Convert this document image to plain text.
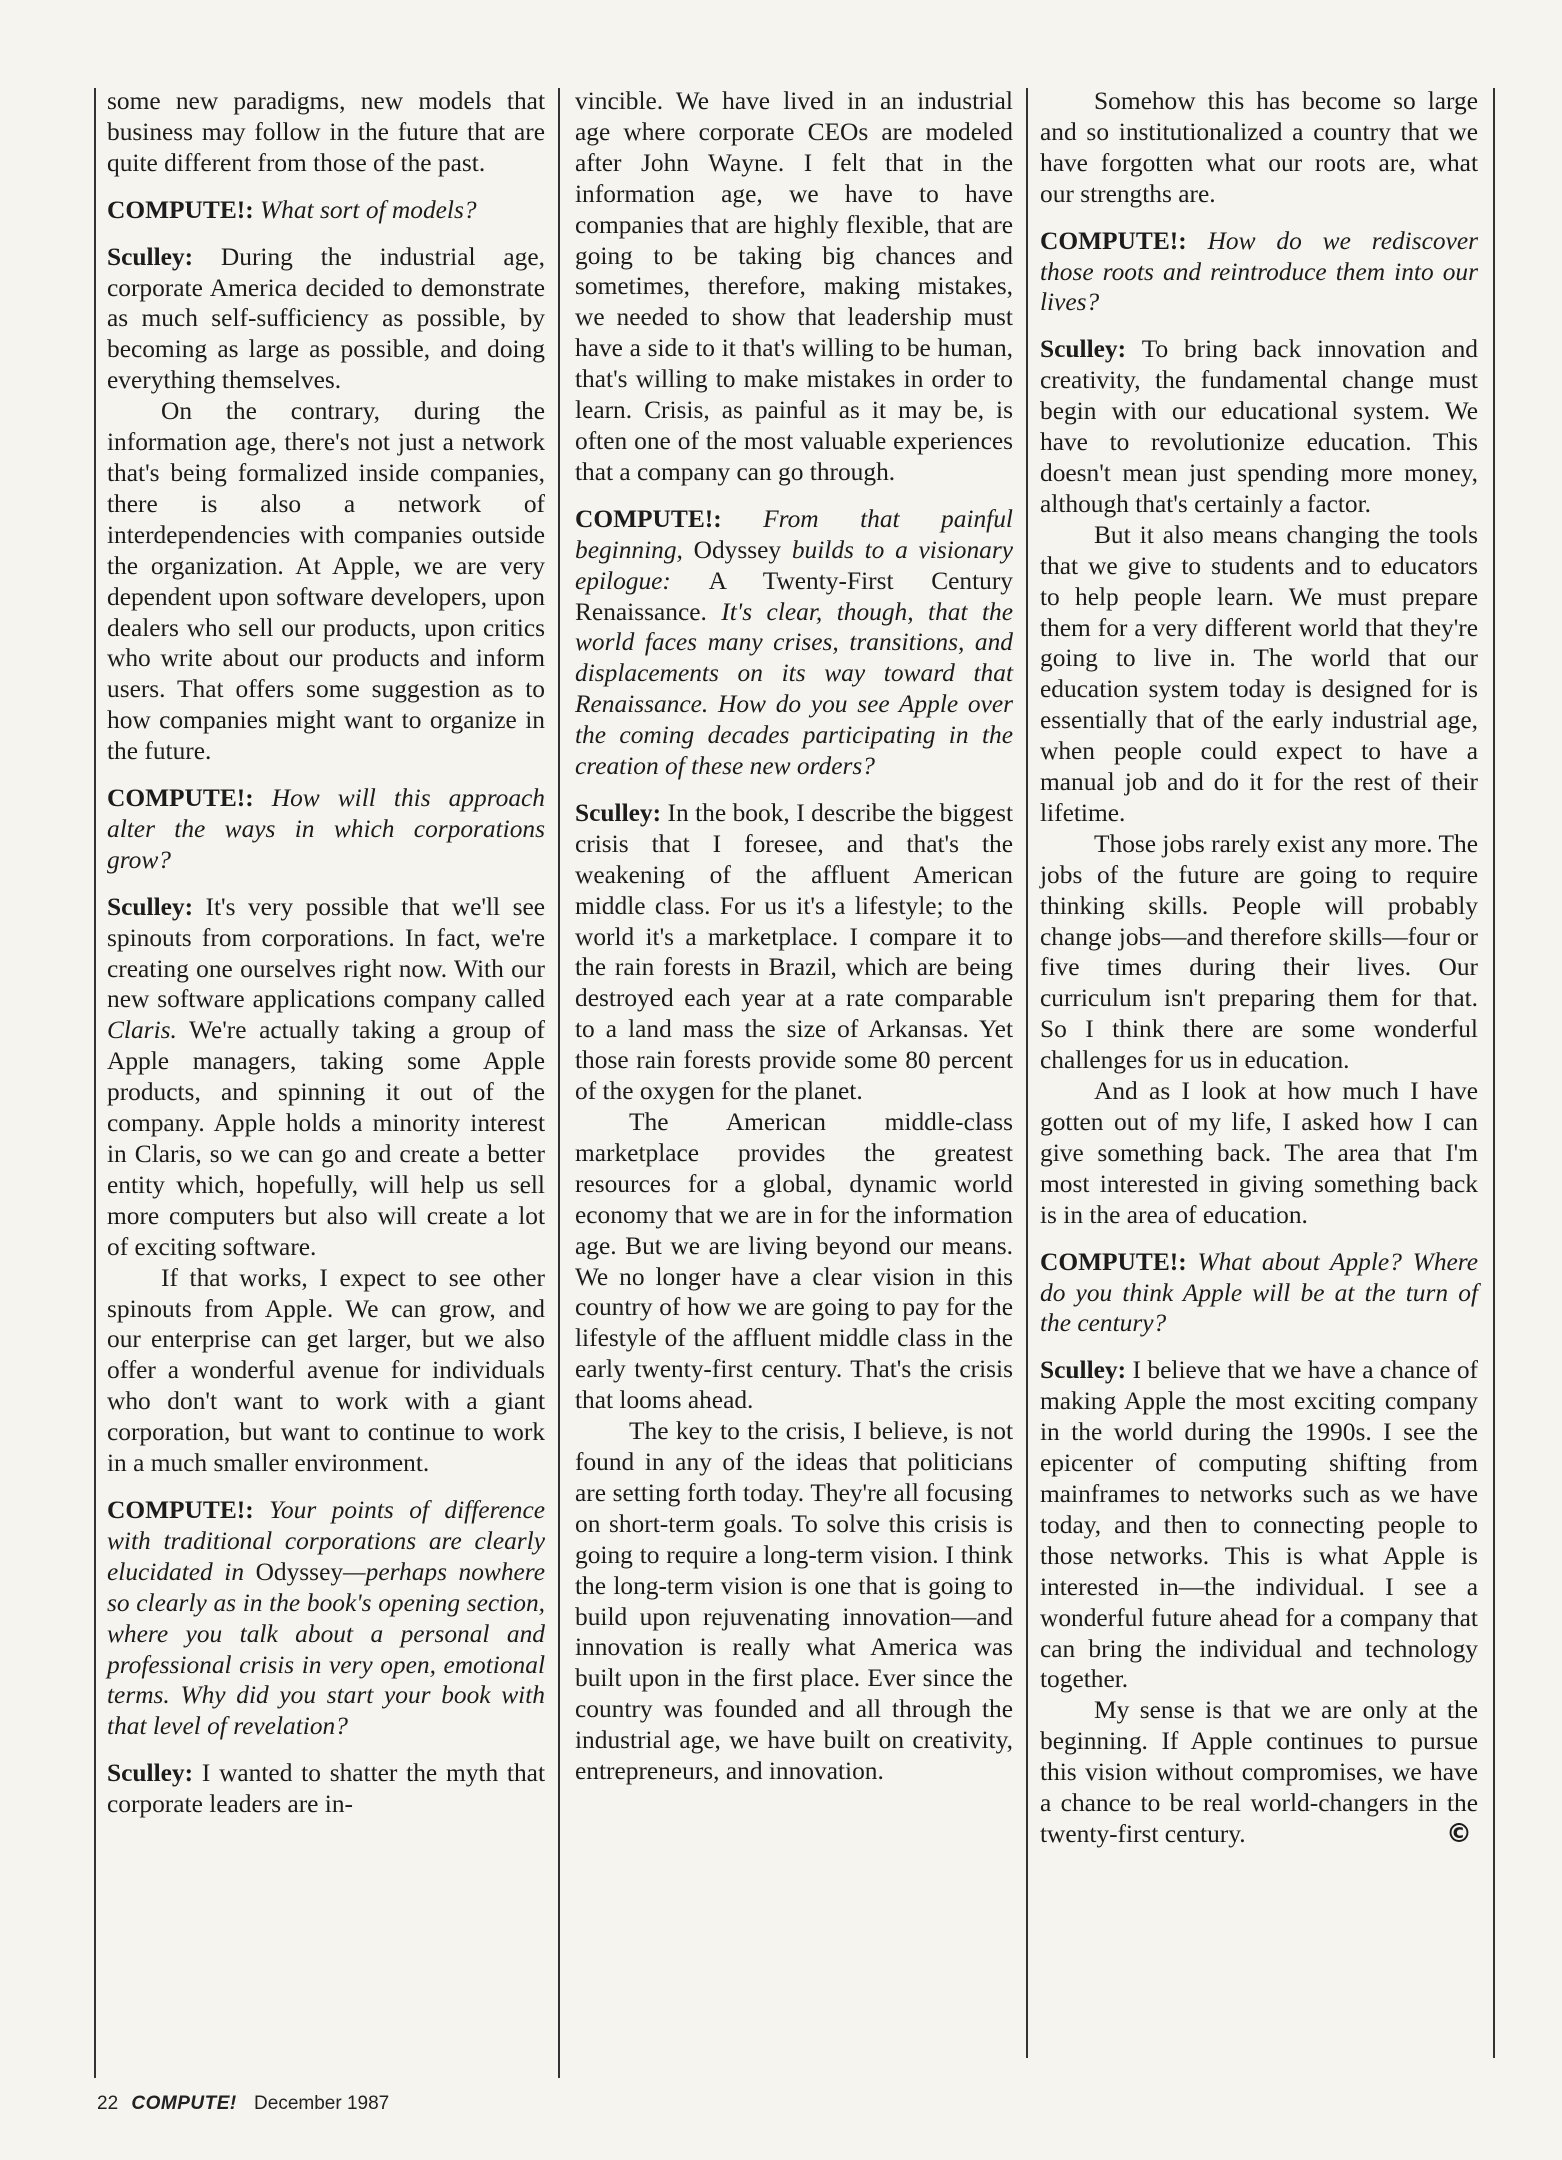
some new paradigms, new models that business may follow in the future that are quite different from those of the past.

COMPUTE!: What sort of models?

Sculley: During the industrial age, corporate America decided to demonstrate as much self-sufficiency as possible, by becoming as large as possible, and doing everything themselves.

On the contrary, during the information age, there's not just a network that's being formalized inside companies, there is also a network of interdependencies with companies outside the organization. At Apple, we are very dependent upon software developers, upon dealers who sell our products, upon critics who write about our products and inform users. That offers some suggestion as to how companies might want to organize in the future.

COMPUTE!: How will this approach alter the ways in which corporations grow?

Sculley: It's very possible that we'll see spinouts from corporations. In fact, we're creating one ourselves right now. With our new software applications company called Claris. We're actually taking a group of Apple managers, taking some Apple products, and spinning it out of the company. Apple holds a minority interest in Claris, so we can go and create a better entity which, hopefully, will help us sell more computers but also will create a lot of exciting software.

If that works, I expect to see other spinouts from Apple. We can grow, and our enterprise can get larger, but we also offer a wonderful avenue for individuals who don't want to work with a giant corporation, but want to continue to work in a much smaller environment.

COMPUTE!: Your points of difference with traditional corporations are clearly elucidated in Odyssey—perhaps nowhere so clearly as in the book's opening section, where you talk about a personal and professional crisis in very open, emotional terms. Why did you start your book with that level of revelation?

Sculley: I wanted to shatter the myth that corporate leaders are in-

vincible. We have lived in an industrial age where corporate CEOs are modeled after John Wayne. I felt that in the information age, we have to have companies that are highly flexible, that are going to be taking big chances and sometimes, therefore, making mistakes, we needed to show that leadership must have a side to it that's willing to be human, that's willing to make mistakes in order to learn. Crisis, as painful as it may be, is often one of the most valuable experiences that a company can go through.

COMPUTE!: From that painful beginning, Odyssey builds to a visionary epilogue: A Twenty-First Century Renaissance. It's clear, though, that the world faces many crises, transitions, and displacements on its way toward that Renaissance. How do you see Apple over the coming decades participating in the creation of these new orders?

Sculley: In the book, I describe the biggest crisis that I foresee, and that's the weakening of the affluent American middle class. For us it's a lifestyle; to the world it's a marketplace. I compare it to the rain forests in Brazil, which are being destroyed each year at a rate comparable to a land mass the size of Arkansas. Yet those rain forests provide some 80 percent of the oxygen for the planet.

The American middle-class marketplace provides the greatest resources for a global, dynamic world economy that we are in for the information age. But we are living beyond our means. We no longer have a clear vision in this country of how we are going to pay for the lifestyle of the affluent middle class in the early twenty-first century. That's the crisis that looms ahead.

The key to the crisis, I believe, is not found in any of the ideas that politicians are setting forth today. They're all focusing on short-term goals. To solve this crisis is going to require a long-term vision. I think the long-term vision is one that is going to build upon rejuvenating innovation—and innovation is really what America was built upon in the first place. Ever since the country was founded and all through the industrial age, we have built on creativity, entrepreneurs, and innovation.

Somehow this has become so large and so institutionalized a country that we have forgotten what our roots are, what our strengths are.

COMPUTE!: How do we rediscover those roots and reintroduce them into our lives?

Sculley: To bring back innovation and creativity, the fundamental change must begin with our educational system. We have to revolutionize education. This doesn't mean just spending more money, although that's certainly a factor.

But it also means changing the tools that we give to students and to educators to help people learn. We must prepare them for a very different world that they're going to live in. The world that our education system today is designed for is essentially that of the early industrial age, when people could expect to have a manual job and do it for the rest of their lifetime.

Those jobs rarely exist any more. The jobs of the future are going to require thinking skills. People will probably change jobs—and therefore skills—four or five times during their lives. Our curriculum isn't preparing them for that. So I think there are some wonderful challenges for us in education.

And as I look at how much I have gotten out of my life, I asked how I can give something back. The area that I'm most interested in giving something back is in the area of education.

COMPUTE!: What about Apple? Where do you think Apple will be at the turn of the century?

Sculley: I believe that we have a chance of making Apple the most exciting company in the world during the 1990s. I see the epicenter of computing shifting from mainframes to networks such as we have today, and then to connecting people to those networks. This is what Apple is interested in—the individual. I see a wonderful future ahead for a company that can bring the individual and technology together.

My sense is that we are only at the beginning. If Apple continues to pursue this vision without compromises, we have a chance to be real world-changers in the twenty-first century.	©

22 COMPUTE! December 1987
